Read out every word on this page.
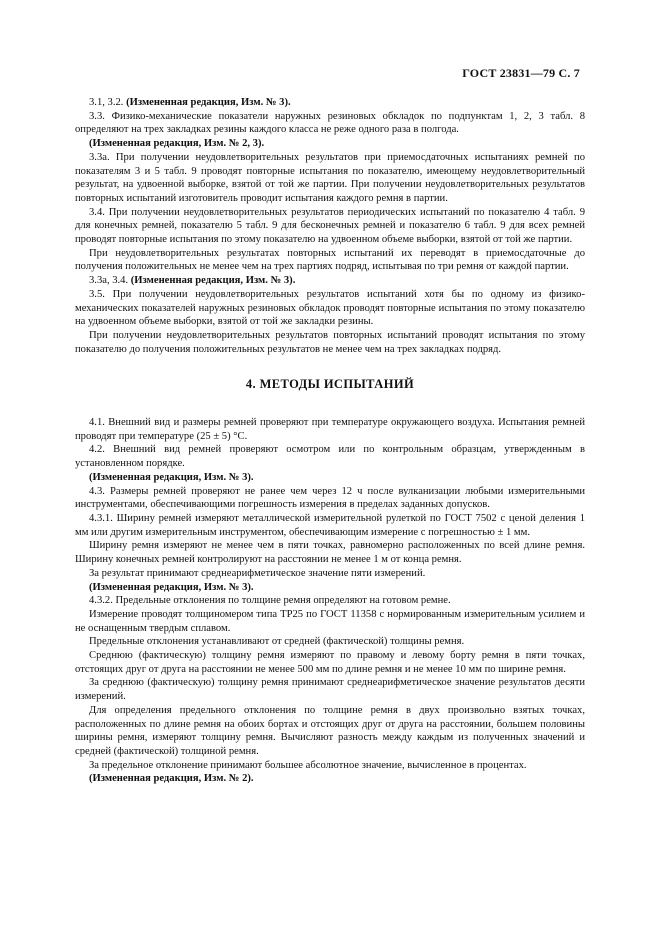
ГОСТ 23831—79 С. 7

3.1, 3.2. (Измененная редакция, Изм. № 3).

3.3. Физико-механические показатели наружных резиновых обкладок по подпунктам 1, 2, 3 табл. 8 определяют на трех закладках резины каждого класса не реже одного раза в полгода.

(Измененная редакция, Изм. № 2, 3).

3.3а. При получении неудовлетворительных результатов при приемосдаточных испытаниях ремней по показателям 3 и 5 табл. 9 проводят повторные испытания по показателю, имеющему неудовлетворительный результат, на удвоенной выборке, взятой от той же партии. При получении неудовлетворительных результатов повторных испытаний изготовитель проводит испытания каждого ремня в партии.

3.4. При получении неудовлетворительных результатов периодических испытаний по показателю 4 табл. 9 для конечных ремней, показателю 5 табл. 9 для бесконечных ремней и показателю 6 табл. 9 для всех ремней проводят повторные испытания по этому показателю на удвоенном объеме выборки, взятой от той же партии.

При неудовлетворительных результатах повторных испытаний их переводят в приемосдаточные до получения положительных не менее чем на трех партиях подряд, испытывая по три ремня от каждой партии.

3.3а, 3.4. (Измененная редакция, Изм. № 3).

3.5. При получении неудовлетворительных результатов испытаний хотя бы по одному из физико-механических показателей наружных резиновых обкладок проводят повторные испытания по этому показателю на удвоенном объеме выборки, взятой от той же закладки резины.

При получении неудовлетворительных результатов повторных испытаний проводят испытания по этому показателю до получения положительных результатов не менее чем на трех закладках подряд.

4. МЕТОДЫ ИСПЫТАНИЙ

4.1. Внешний вид и размеры ремней проверяют при температуре окружающего воздуха. Испытания ремней проводят при температуре (25 ± 5) °С.

4.2. Внешний вид ремней проверяют осмотром или по контрольным образцам, утвержденным в установленном порядке.

(Измененная редакция, Изм. № 3).

4.3. Размеры ремней проверяют не ранее чем через 12 ч после вулканизации любыми измерительными инструментами, обеспечивающими погрешность измерения в пределах заданных допусков.

4.3.1. Ширину ремней измеряют металлической измерительной рулеткой по ГОСТ 7502 с ценой деления 1 мм или другим измерительным инструментом, обеспечивающим измерение с погрешностью ± 1 мм.

Ширину ремня измеряют не менее чем в пяти точках, равномерно расположенных по всей длине ремня. Ширину конечных ремней контролируют на расстоянии не менее 1 м от конца ремня.

За результат принимают среднеарифметическое значение пяти измерений.

(Измененная редакция, Изм. № 3).

4.3.2. Предельные отклонения по толщине ремня определяют на готовом ремне.

Измерение проводят толщиномером типа ТР25 по ГОСТ 11358 с нормированным измерительным усилием и не оснащенным твердым сплавом.

Предельные отклонения устанавливают от средней (фактической) толщины ремня.

Среднюю (фактическую) толщину ремня измеряют по правому и левому борту ремня в пяти точках, отстоящих друг от друга на расстоянии не менее 500 мм по длине ремня и не менее 10 мм по ширине ремня.

За среднюю (фактическую) толщину ремня принимают среднеарифметическое значение результатов десяти измерений.

Для определения предельного отклонения по толщине ремня в двух произвольно взятых точках, расположенных по длине ремня на обоих бортах и отстоящих друг от друга на расстоянии, большем половины ширины ремня, измеряют толщину ремня. Вычисляют разность между каждым из полученных значений и средней (фактической) толщиной ремня.

За предельное отклонение принимают большее абсолютное значение, вычисленное в процентах.

(Измененная редакция, Изм. № 2).
